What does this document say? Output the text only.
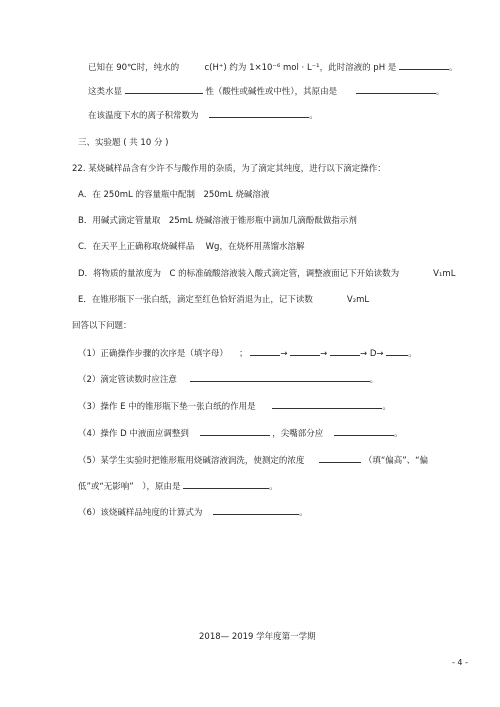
已知在 90℃时，纯水的	c(H⁺) 约为 1×10⁻⁶ mol · L⁻¹，此时溶液的 pH 是	。
这类水显	性（酸性或碱性或中性），其原由是	。
在该温度下水的离子积常数为	。
三、实验题 ( 共 10 分 )
22. 某烧碱样品含有少许不与酸作用的杂质，为了滴定其纯度，进行以下滴定操作：
A．在 250mL 的容量瓶中配制　250mL 烧碱溶液
B．用碱式滴定管量取　25mL 烧碱溶液于锥形瓶中滴加几滴酚酞做指示剂
C．在天平上正确称取烧碱样品　 Wg，在烧杯用蒸馏水溶解
D．将物质的量浓度为　C 的标准硫酸溶液装入酸式滴定管，调整液面记下开始读数为　　　　V₁mL
E．在锥形瓶下一张白纸，滴定至红色恰好消退为止，记下读数　　　　V₂mL
回答以下问题：
（1）正确操作步骤的次序是（填字母） 　；	→	→	→ D→	。
（2）滴定管读数时应注意	。
（3）操作 E 中的锥形瓶下垫一张白纸的作用是	。
（4）操作 D 中液面应调整到	，尖嘴部分应	。
（5）某学生实验时把锥形瓶用烧碱溶液润洗，使测定的浓度	（填“偏高”、“偏
低”或“无影响”　），原由是	。
（6）该烧碱样品纯度的计算式为	。
2018— 2019 学年度第一学期
- 4 -
